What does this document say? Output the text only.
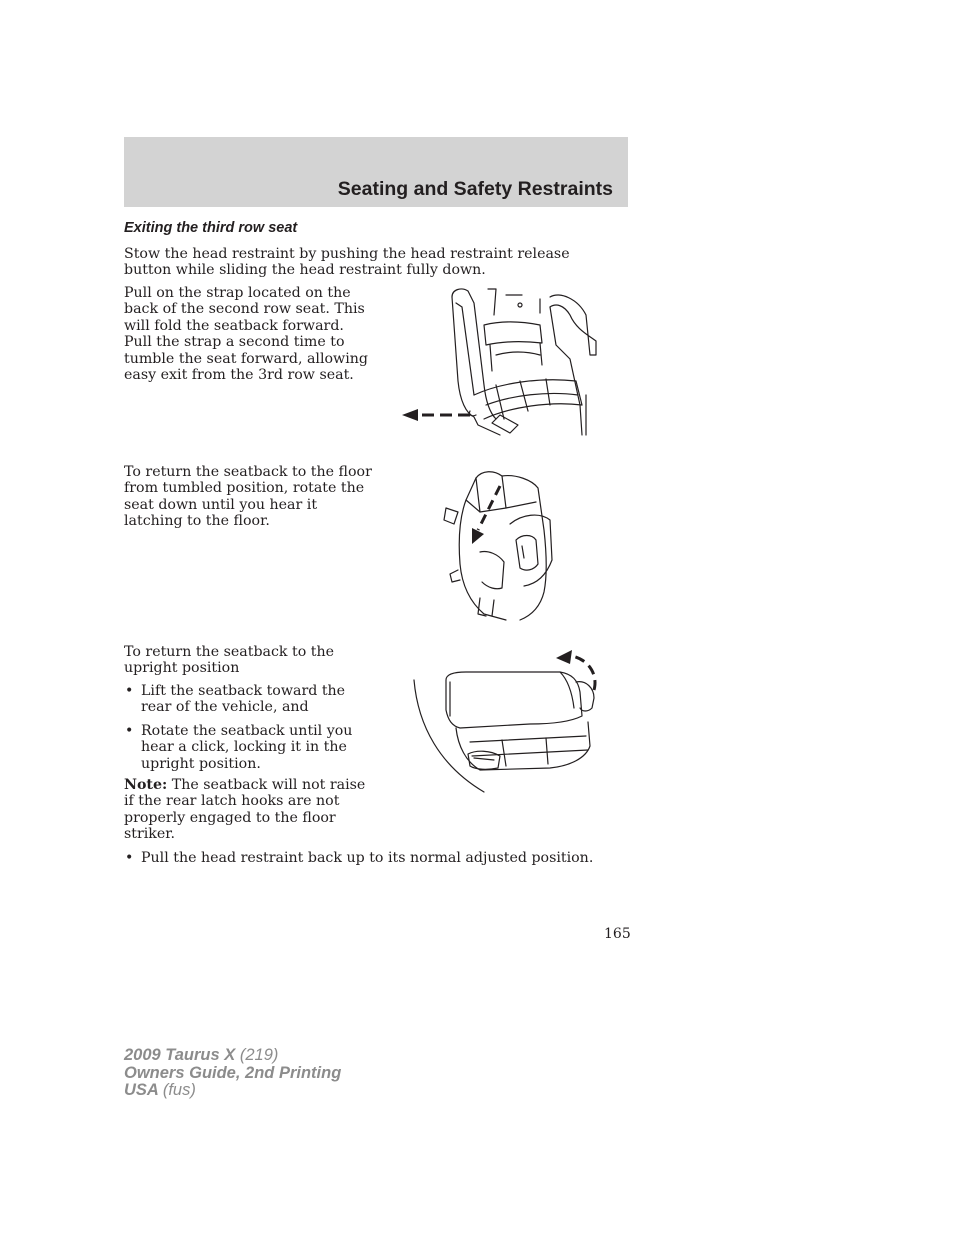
Seating and Safety Restraints
Exiting the third row seat
Stow the head restraint by pushing the head restraint release button while sliding the head restraint fully down.
Pull on the strap located on the back of the second row seat. This will fold the seatback forward. Pull the strap a second time to tumble the seat forward, allowing easy exit from the 3rd row seat.
To return the seatback to the floor from tumbled position, rotate the seat down until you hear it latching to the floor.
To return the seatback to the upright position
• Lift the seatback toward the rear of the vehicle, and
• Rotate the seatback until you hear a click, locking it in the upright position.
Note: The seatback will not raise if the rear latch hooks are not properly engaged to the floor striker.
• Pull the head restraint back up to its normal adjusted position.
165
2009 Taurus X (219)
Owners Guide, 2nd Printing
USA (fus)
